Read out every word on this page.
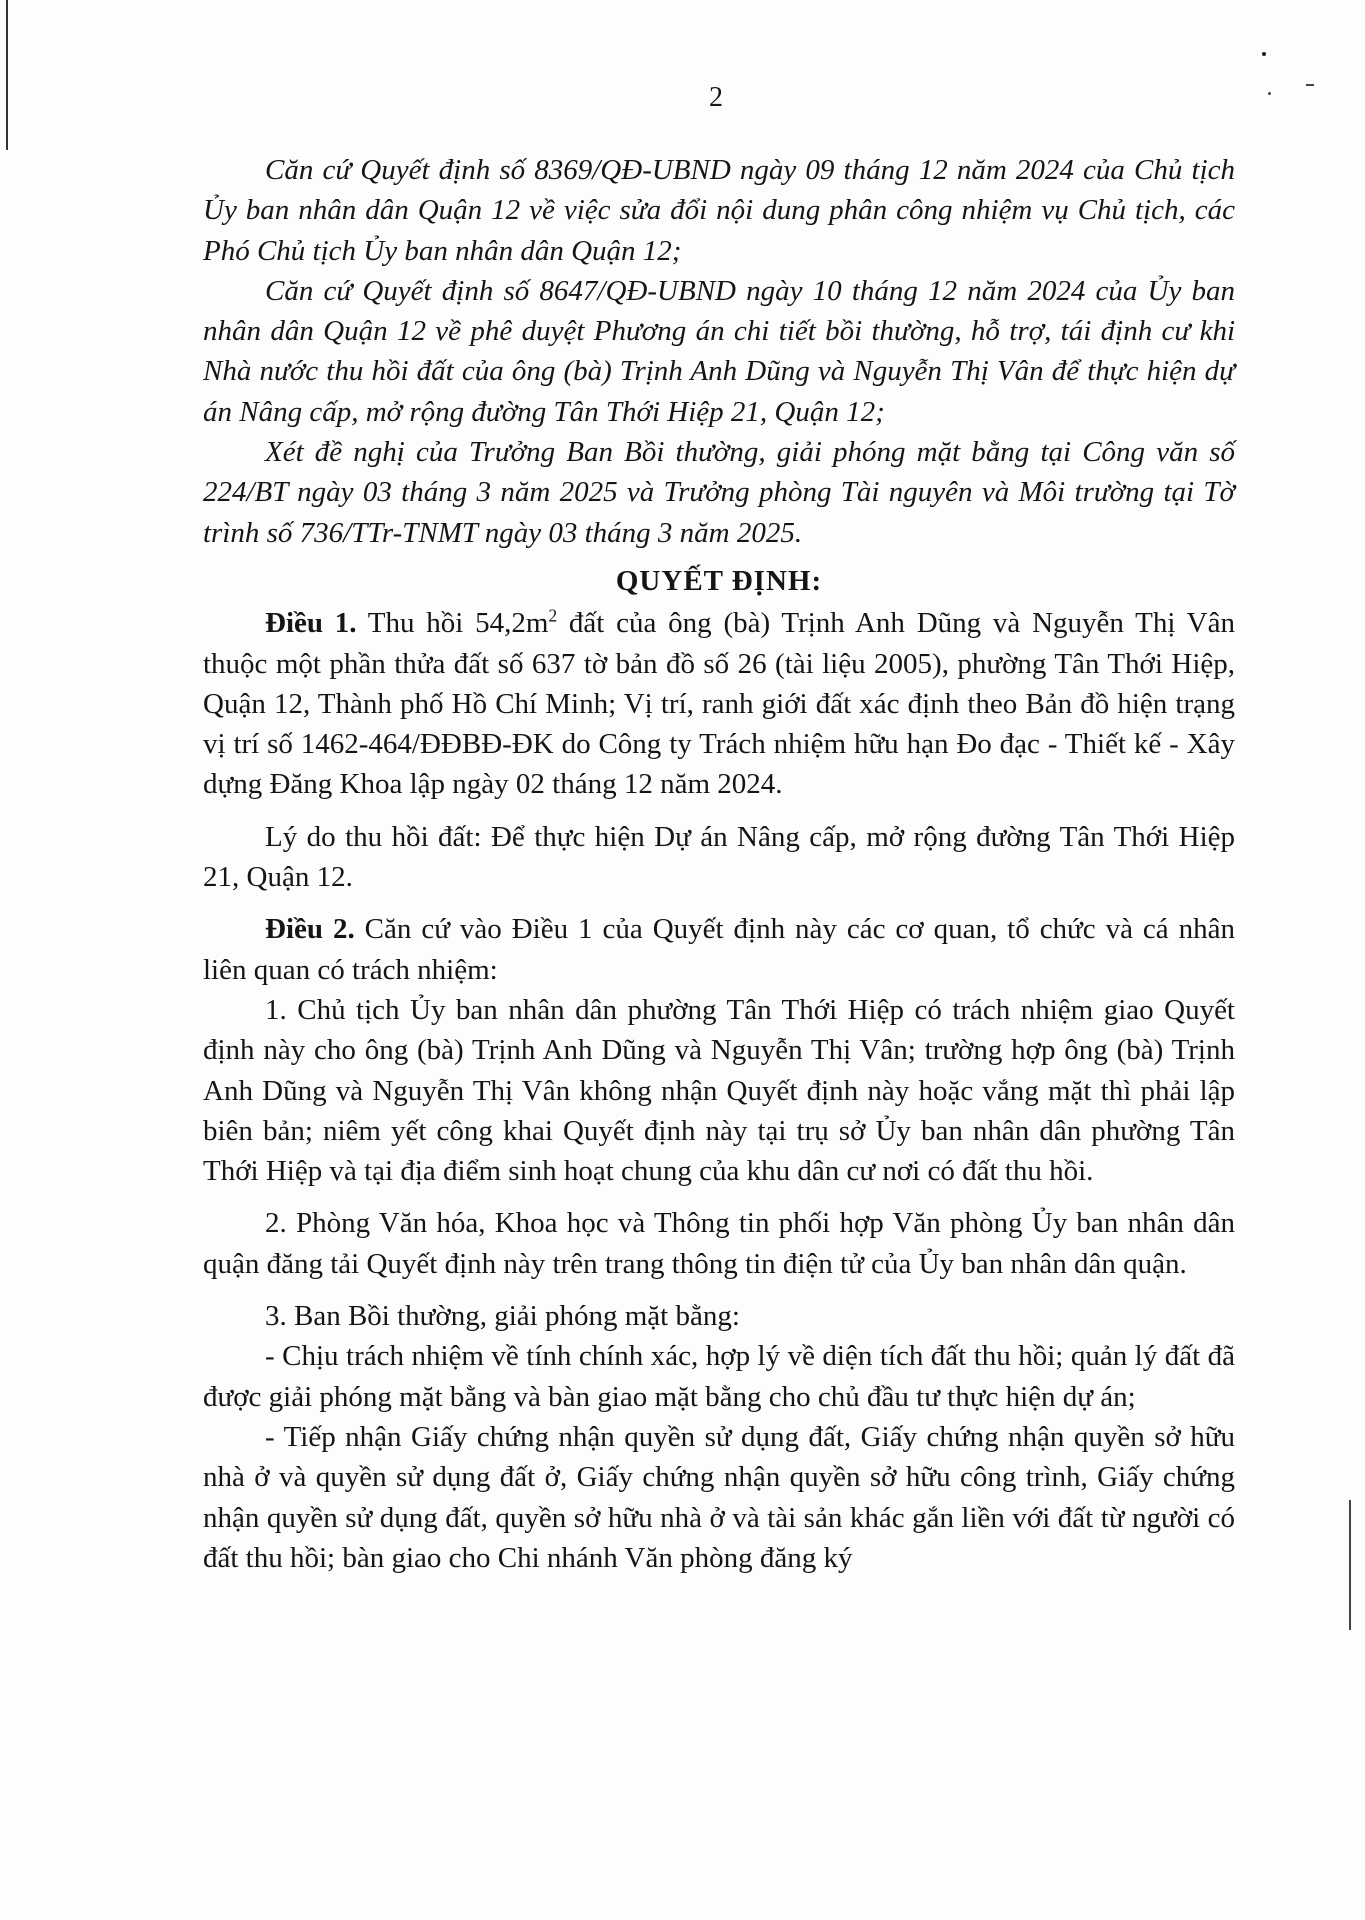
2

Căn cứ Quyết định số 8369/QĐ-UBND ngày 09 tháng 12 năm 2024 của Chủ tịch Ủy ban nhân dân Quận 12 về việc sửa đổi nội dung phân công nhiệm vụ Chủ tịch, các Phó Chủ tịch Ủy ban nhân dân Quận 12;

Căn cứ Quyết định số 8647/QĐ-UBND ngày 10 tháng 12 năm 2024 của Ủy ban nhân dân Quận 12 về phê duyệt Phương án chi tiết bồi thường, hỗ trợ, tái định cư khi Nhà nước thu hồi đất của ông (bà) Trịnh Anh Dũng và Nguyễn Thị Vân để thực hiện dự án Nâng cấp, mở rộng đường Tân Thới Hiệp 21, Quận 12;

Xét đề nghị của Trưởng Ban Bồi thường, giải phóng mặt bằng tại Công văn số 224/BT ngày 03 tháng 3 năm 2025 và Trưởng phòng Tài nguyên và Môi trường tại Tờ trình số 736/TTr-TNMT ngày 03 tháng 3 năm 2025.

QUYẾT ĐỊNH:

Điều 1. Thu hồi $54,2m^2$ đất của ông (bà) Trịnh Anh Dũng và Nguyễn Thị Vân thuộc một phần thửa đất số 637 tờ bản đồ số 26 (tài liệu 2005), phường Tân Thới Hiệp, Quận 12, Thành phố Hồ Chí Minh; Vị trí, ranh giới đất xác định theo Bản đồ hiện trạng vị trí số 1462-464/ĐĐBĐ-ĐK do Công ty Trách nhiệm hữu hạn Đo đạc - Thiết kế - Xây dựng Đăng Khoa lập ngày 02 tháng 12 năm 2024.

Lý do thu hồi đất: Để thực hiện Dự án Nâng cấp, mở rộng đường Tân Thới Hiệp 21, Quận 12.

Điều 2. Căn cứ vào Điều 1 của Quyết định này các cơ quan, tổ chức và cá nhân liên quan có trách nhiệm:

1. Chủ tịch Ủy ban nhân dân phường Tân Thới Hiệp có trách nhiệm giao Quyết định này cho ông (bà) Trịnh Anh Dũng và Nguyễn Thị Vân; trường hợp ông (bà) Trịnh Anh Dũng và Nguyễn Thị Vân không nhận Quyết định này hoặc vắng mặt thì phải lập biên bản; niêm yết công khai Quyết định này tại trụ sở Ủy ban nhân dân phường Tân Thới Hiệp và tại địa điểm sinh hoạt chung của khu dân cư nơi có đất thu hồi.

2. Phòng Văn hóa, Khoa học và Thông tin phối hợp Văn phòng Ủy ban nhân dân quận đăng tải Quyết định này trên trang thông tin điện tử của Ủy ban nhân dân quận.

3. Ban Bồi thường, giải phóng mặt bằng:

- Chịu trách nhiệm về tính chính xác, hợp lý về diện tích đất thu hồi; quản lý đất đã được giải phóng mặt bằng và bàn giao mặt bằng cho chủ đầu tư thực hiện dự án;

- Tiếp nhận Giấy chứng nhận quyền sử dụng đất, Giấy chứng nhận quyền sở hữu nhà ở và quyền sử dụng đất ở, Giấy chứng nhận quyền sở hữu công trình, Giấy chứng nhận quyền sử dụng đất, quyền sở hữu nhà ở và tài sản khác gắn liền với đất từ người có đất thu hồi; bàn giao cho Chi nhánh Văn phòng đăng ký
